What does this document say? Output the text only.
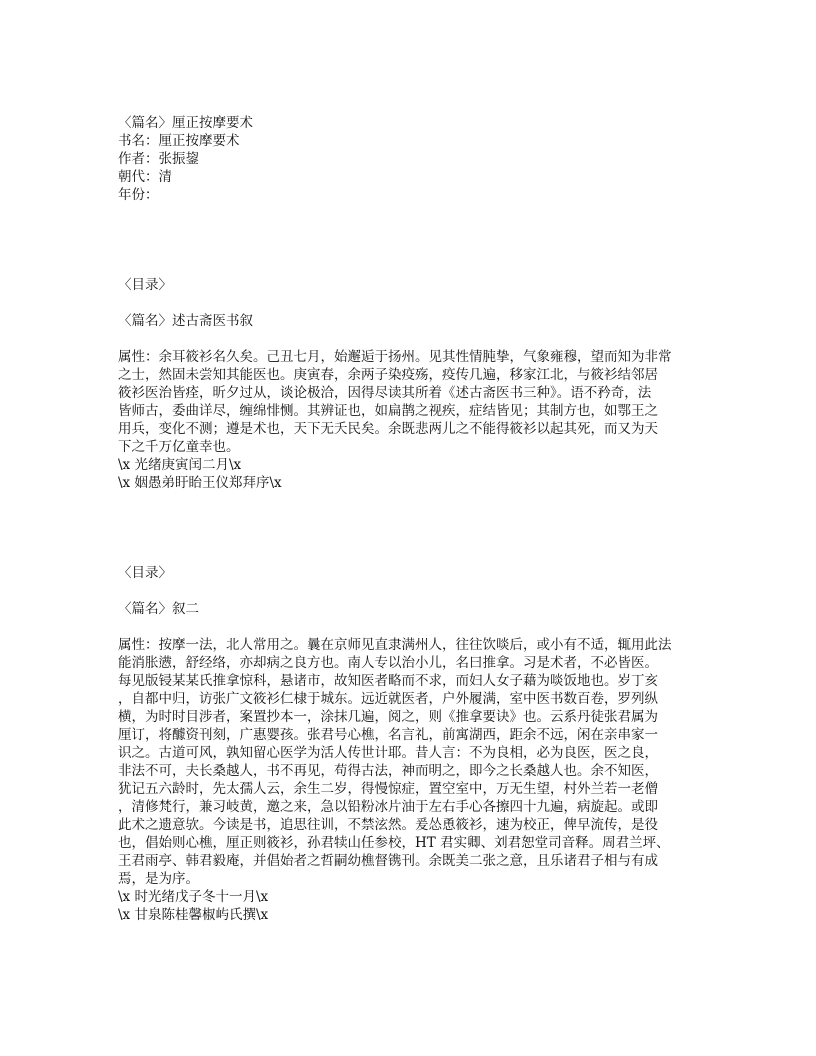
〈篇名〉厘正按摩要术
书名：厘正按摩要术
作者：张振鋆
朝代：清
年份：
〈目录〉
〈篇名〉述古斋医书叙
属性：余耳筱衫名久矣。己丑七月，始邂逅于扬州。见其性情肫挚，气象雍穆，望而知为非常
之士，然固未尝知其能医也。庚寅春，余两子染疫殇，疫传几遍，移家江北，与筱衫结邻居
筱衫医治皆痊，昕夕过从，谈论极洽，因得尽读其所着《述古斋医书三种》。语不矜奇，法
皆师古，委曲详尽，缠绵悱恻。其辨证也，如扁鹊之视疾，症结皆见；其制方也，如鄂王之
用兵，变化不测；遵是术也，天下无夭民矣。余既悲两儿之不能得筱衫以起其死，而又为天
下之千万亿童幸也。
\x 光绪庚寅闰二月\x
\x 姻愚弟盱眙王仪郑拜序\x
〈目录〉
〈篇名〉叙二
属性：按摩一法，北人常用之。曩在京师见直隶满州人，往往饮啖后，或小有不适，辄用此法
能消胀懑，舒经络，亦却病之良方也。南人专以治小儿，名曰推拿。习是术者，不必皆医。
每见版锓某某氏推拿惊科，悬诸市，故知医者略而不求，而妇人女子藉为啖饭地也。岁丁亥
，自都中归，访张广文筱衫仁棣于城东。远近就医者，户外履满，室中医书数百卷，罗列纵
横，为时时目涉者，案置抄本一，涂抹几遍，阅之，则《推拿要诀》也。云系丹徒张君属为
厘订，将醵资刊刻，广惠婴孩。张君号心樵，名言礼，前寓湖西，距余不远，闲在亲串家一
识之。古道可风，孰知留心医学为活人传世计耶。昔人言：不为良相，必为良医，医之良，
非法不可，夫长桑越人，书不再见，苟得古法，神而明之，即今之长桑越人也。余不知医，
犹记五六龄时，先太孺人云，余生二岁，得慢惊症，置空室中，万无生望，村外兰若一老僧
，清修梵行，兼习岐黄，邀之来，急以铅粉冰片油于左右手心各擦四十九遍，病旋起。或即
此术之遗意欤。今读是书，追思往训，不禁泫然。爰怂恿筱衫，速为校正，俾早流传，是役
也，倡始则心樵，厘正则筱衫，孙君犊山任参校，HT 君实卿、刘君恕堂司音释。周君兰坪、
王君雨亭、韩君毅庵，并倡始者之哲嗣幼樵督镌刊。余既美二张之意，且乐诸君子相与有成
焉，是为序。
\x 时光绪戊子冬十一月\x
\x 甘泉陈桂馨椒屿氏撰\x
